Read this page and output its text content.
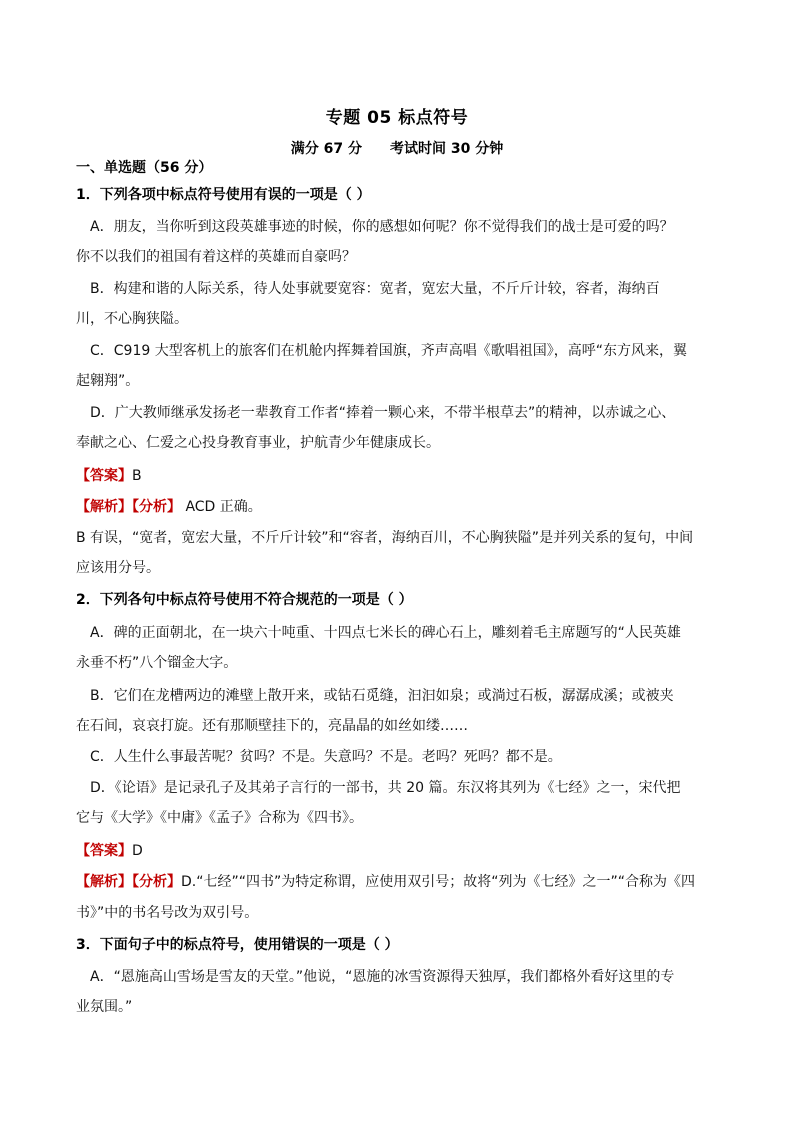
专题 05 标点符号
满分 67 分 考试时间 30 分钟
一、单选题（56 分）
1．下列各项中标点符号使用有误的一项是（ ）
A．朋友，当你听到这段英雄事迹的时候，你的感想如何呢？你不觉得我们的战士是可爱的吗？
你不以我们的祖国有着这样的英雄而自豪吗？
B．构建和谐的人际关系，待人处事就要宽容：宽者，宽宏大量，不斤斤计较，容者，海纳百
川，不心胸狭隘。
C．C919 大型客机上的旅客们在机舱内挥舞着国旗，齐声高唱《歌唱祖国》，高呼“东方风来，翼
起翱翔”。
D．广大教师继承发扬老一辈教育工作者“捧着一颗心来，不带半根草去”的精神，以赤诚之心、
奉献之心、仁爱之心投身教育事业，护航青少年健康成长。
【答案】B
【解析】【分析】 ACD 正确。
B 有误，“宽者，宽宏大量，不斤斤计较”和“容者，海纳百川，不心胸狭隘”是并列关系的复句，中间
应该用分号。
2．下列各句中标点符号使用不符合规范的一项是（ ）
A．碑的正面朝北，在一块六十吨重、十四点七米长的碑心石上，雕刻着毛主席题写的“人民英雄
永垂不朽”八个镏金大字。
B．它们在龙槽两边的滩壁上散开来，或钻石觅缝，汩汩如泉；或淌过石板，潺潺成溪；或被夹
在石间，哀哀打旋。还有那顺壁挂下的，亮晶晶的如丝如缕……
C．人生什么事最苦呢？贫吗？不是。失意吗？不是。老吗？死吗？都不是。
D．《论语》是记录孔子及其弟子言行的一部书，共 20 篇。东汉将其列为《七经》之一，宋代把
它与《大学》《中庸》《孟子》合称为《四书》。
【答案】D
【解析】【分析】D.“七经”“四书”为特定称谓，应使用双引号；故将“列为《七经》之一”“合称为《四
书》”中的书名号改为双引号。
3．下面句子中的标点符号，使用错误的一项是（ ）
A．“恩施高山雪场是雪友的天堂。”他说，“恩施的冰雪资源得天独厚，我们都格外看好这里的专
业氛围。”
